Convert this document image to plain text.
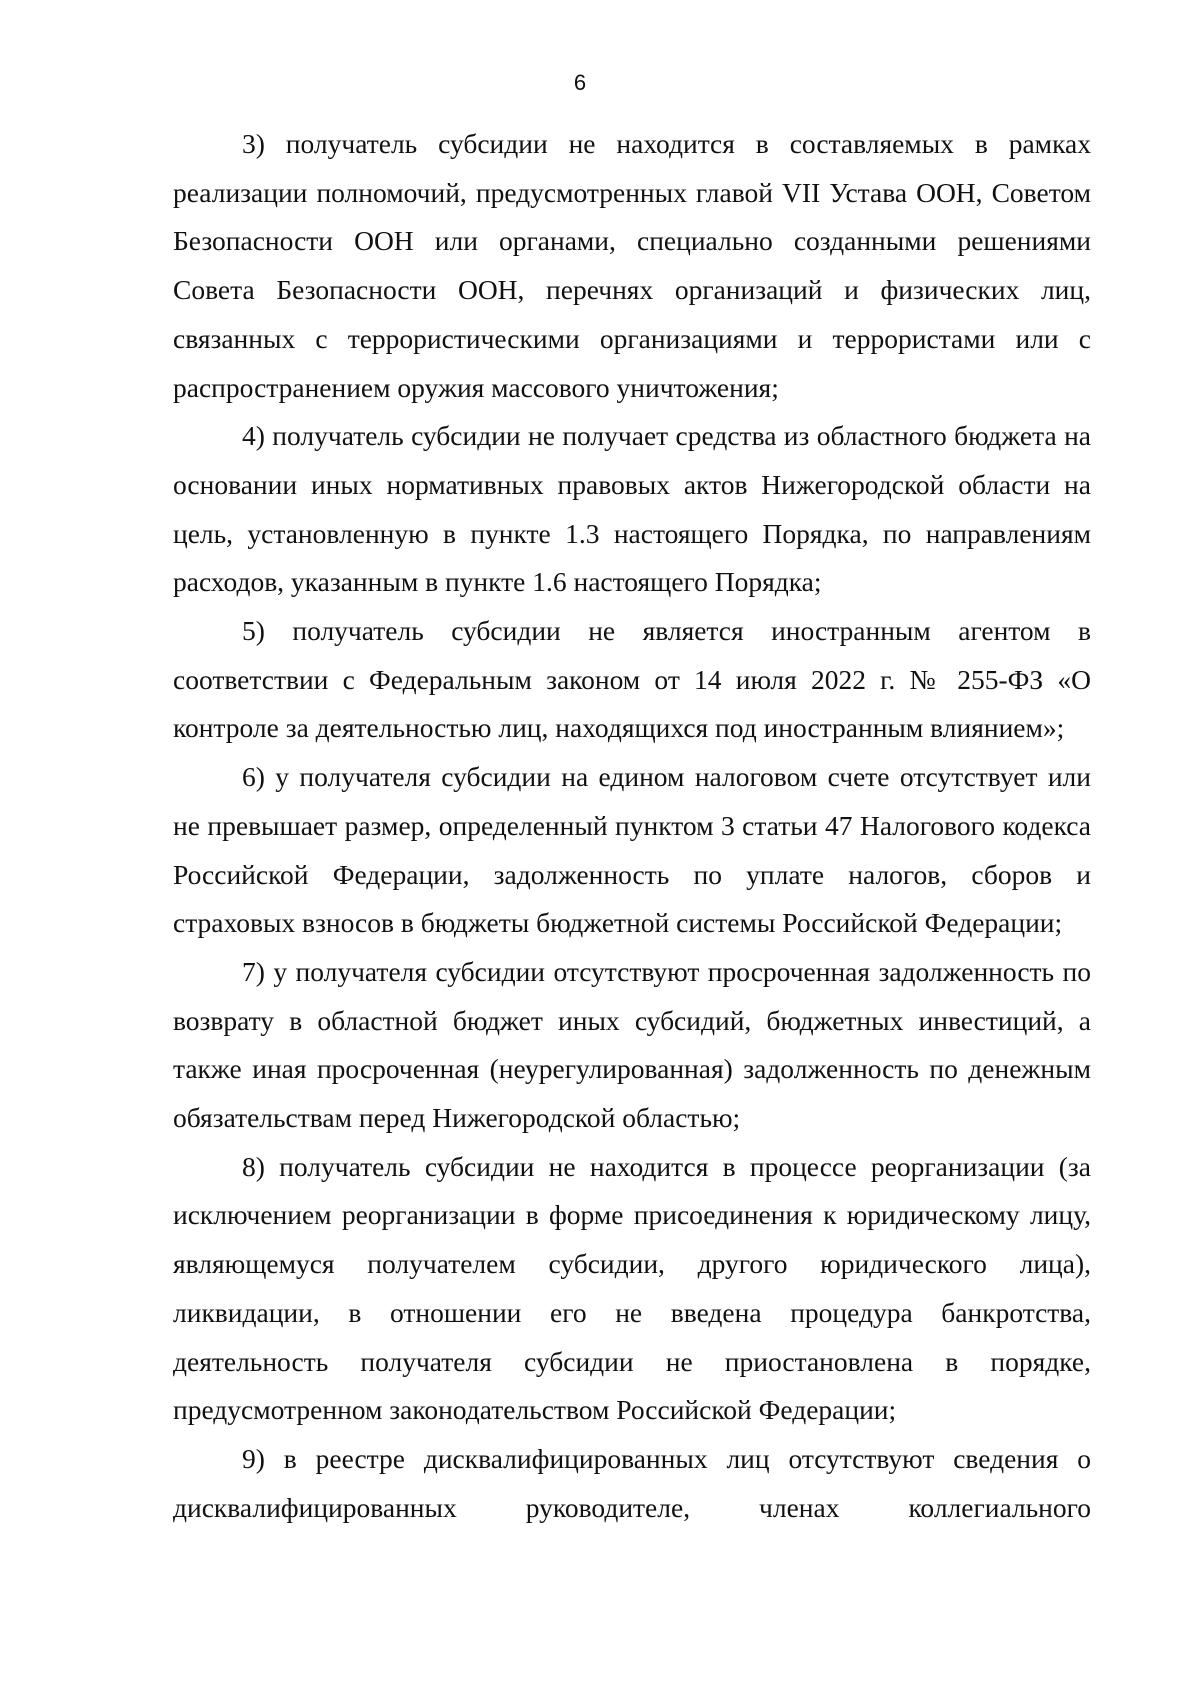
6

3) получатель субсидии не находится в составляемых в рамках реализации полномочий, предусмотренных главой VII Устава ООН, Советом Безопасности ООН или органами, специально созданными решениями Совета Безопасности ООН, перечнях организаций и физических лиц, связанных с террористическими организациями и террористами или с распространением оружия массового уничтожения;

4) получатель субсидии не получает средства из областного бюджета на основании иных нормативных правовых актов Нижегородской области на цель, установленную в пункте 1.3 настоящего Порядка, по направлениям расходов, указанным в пункте 1.6 настоящего Порядка;

5) получатель субсидии не является иностранным агентом в соответствии с Федеральным законом от 14 июля 2022 г. № 255-ФЗ «О контроле за деятельностью лиц, находящихся под иностранным влиянием»;

6) у получателя субсидии на едином налоговом счете отсутствует или не превышает размер, определенный пунктом 3 статьи 47 Налогового кодекса Российской Федерации, задолженность по уплате налогов, сборов и страховых взносов в бюджеты бюджетной системы Российской Федерации;

7) у получателя субсидии отсутствуют просроченная задолженность по возврату в областной бюджет иных субсидий, бюджетных инвестиций, а также иная просроченная (неурегулированная) задолженность по денежным обязательствам перед Нижегородской областью;

8) получатель субсидии не находится в процессе реорганизации (за исключением реорганизации в форме присоединения к юридическому лицу, являющемуся получателем субсидии, другого юридического лица), ликвидации, в отношении его не введена процедура банкротства, деятельность получателя субсидии не приостановлена в порядке, предусмотренном законодательством Российской Федерации;

9) в реестре дисквалифицированных лиц отсутствуют сведения о дисквалифицированных руководителе, членах коллегиального
